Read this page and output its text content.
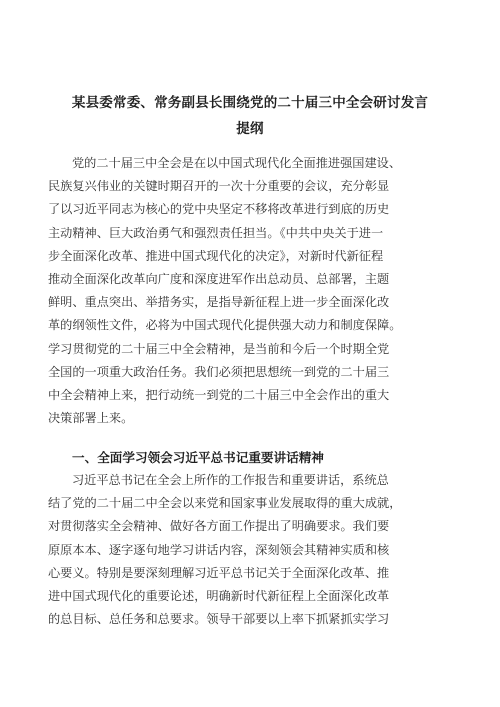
某县委常委、常务副县长围绕党的二十届三中全会研讨发言
提纲
党的二十届三中全会是在以中国式现代化全面推进强国建设、
民族复兴伟业的关键时期召开的一次十分重要的会议，充分彰显
了以习近平同志为核心的党中央坚定不移将改革进行到底的历史
主动精神、巨大政治勇气和强烈责任担当。《中共中央关于进一
步全面深化改革、推进中国式现代化的决定》，对新时代新征程
推动全面深化改革向广度和深度进军作出总动员、总部署，主题
鲜明、重点突出、举措务实，是指导新征程上进一步全面深化改
革的纲领性文件，必将为中国式现代化提供强大动力和制度保障。
学习贯彻党的二十届三中全会精神，是当前和今后一个时期全党
全国的一项重大政治任务。我们必须把思想统一到党的二十届三
中全会精神上来，把行动统一到党的二十届三中全会作出的重大
决策部署上来。
一、全面学习领会习近平总书记重要讲话精神
习近平总书记在全会上所作的工作报告和重要讲话，系统总
结了党的二十届二中全会以来党和国家事业发展取得的重大成就，
对贯彻落实全会精神、做好各方面工作提出了明确要求。我们要
原原本本、逐字逐句地学习讲话内容，深刻领会其精神实质和核
心要义。特别是要深刻理解习近平总书记关于全面深化改革、推
进中国式现代化的重要论述，明确新时代新征程上全面深化改革
的总目标、总任务和总要求。领导干部要以上率下抓紧抓实学习
